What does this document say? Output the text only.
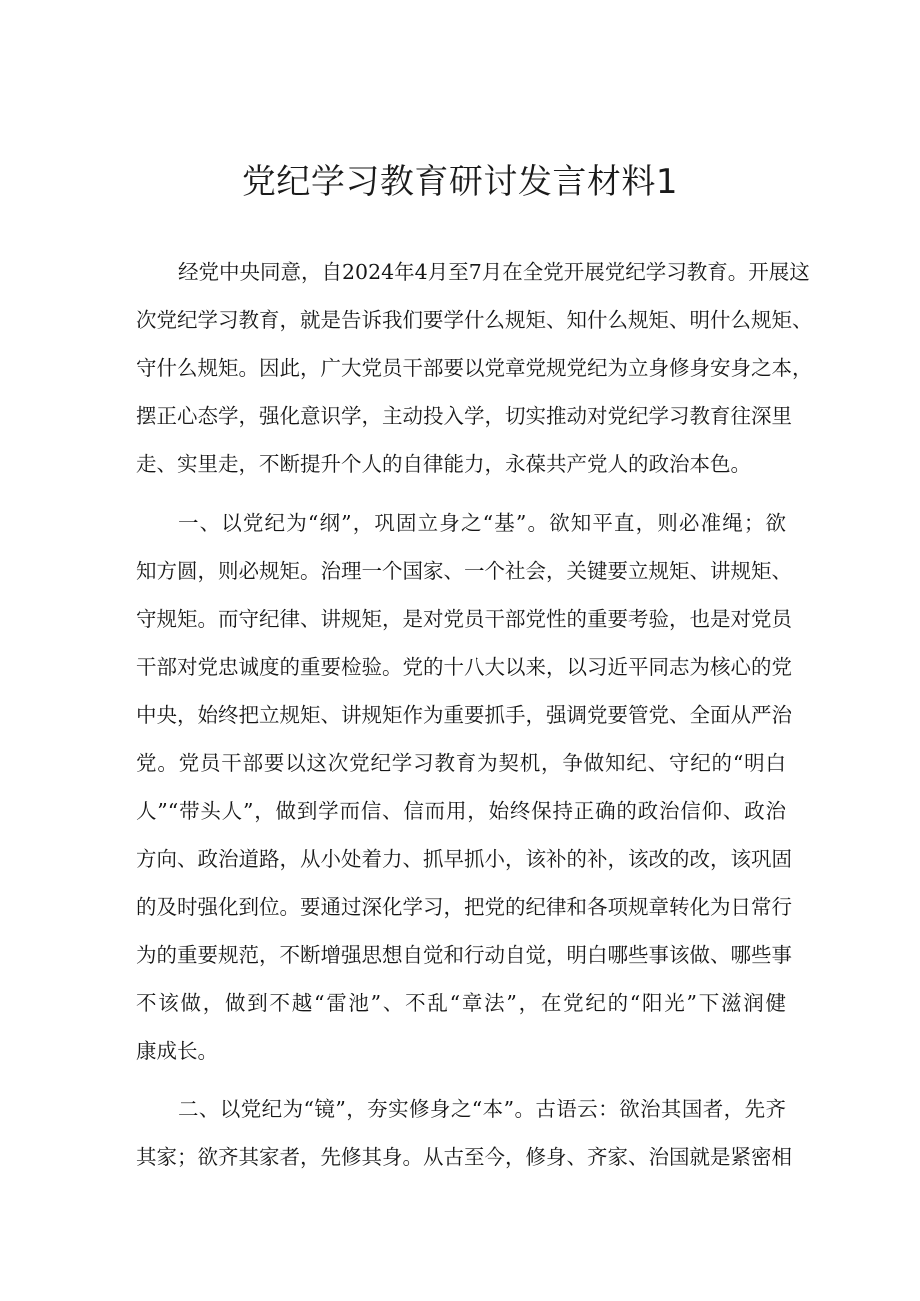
党纪学习教育研讨发言材料1
经党中央同意，自2024年4月至7月在全党开展党纪学习教育。开展这
次党纪学习教育，就是告诉我们要学什么规矩、知什么规矩、明什么规矩、
守什么规矩。因此，广大党员干部要以党章党规党纪为立身修身安身之本，
摆正心态学，强化意识学，主动投入学，切实推动对党纪学习教育往深里
走、实里走，不断提升个人的自律能力，永葆共产党人的政治本色。
一、以党纪为“纲”，巩固立身之“基”。欲知平直，则必准绳；欲
知方圆，则必规矩。治理一个国家、一个社会，关键要立规矩、讲规矩、
守规矩。而守纪律、讲规矩，是对党员干部党性的重要考验，也是对党员
干部对党忠诚度的重要检验。党的十八大以来，以习近平同志为核心的党
中央，始终把立规矩、讲规矩作为重要抓手，强调党要管党、全面从严治
党。党员干部要以这次党纪学习教育为契机，争做知纪、守纪的“明白
人”“带头人”，做到学而信、信而用，始终保持正确的政治信仰、政治
方向、政治道路，从小处着力、抓早抓小，该补的补，该改的改，该巩固
的及时强化到位。要通过深化学习，把党的纪律和各项规章转化为日常行
为的重要规范，不断增强思想自觉和行动自觉，明白哪些事该做、哪些事
不该做，做到不越“雷池”、不乱“章法”，在党纪的“阳光”下滋润健
康成长。
二、以党纪为“镜”，夯实修身之“本”。古语云：欲治其国者，先齐
其家；欲齐其家者，先修其身。从古至今，修身、齐家、治国就是紧密相
